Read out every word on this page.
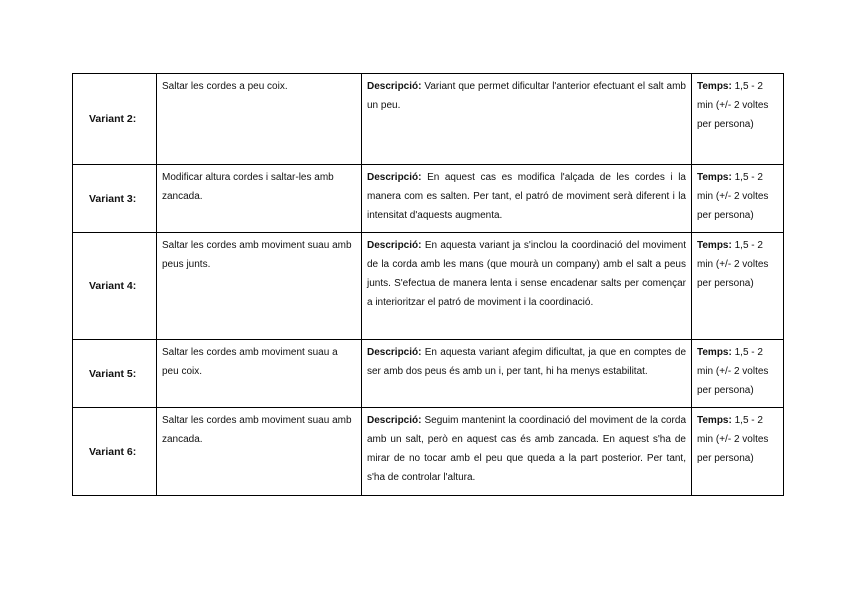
Variant 2:	Saltar les cordes a peu coix.	Descripció: Variant que permet dificultar l'anterior efectuant el salt amb un peu.	Temps: 1,5 - 2 min (+/- 2 voltes per persona)
Variant 3:	Modificar altura cordes i saltar-les amb zancada.	Descripció: En aquest cas es modifica l'alçada de les cordes i la manera com es salten. Per tant, el patró de moviment serà diferent i la intensitat d'aquests augmenta.	Temps: 1,5 - 2 min (+/- 2 voltes per persona)
Variant 4:	Saltar les cordes amb moviment suau amb peus junts.	Descripció: En aquesta variant ja s'inclou la coordinació del moviment de la corda amb les mans (que mourà un company) amb el salt a peus junts. S'efectua de manera lenta i sense encadenar salts per començar a interioritzar el patró de moviment i la coordinació.	Temps: 1,5 - 2 min (+/- 2 voltes per persona)
Variant 5:	Saltar les cordes amb moviment suau a peu coix.	Descripció: En aquesta variant afegim dificultat, ja que en comptes de ser amb dos peus és amb un i, per tant, hi ha menys estabilitat.	Temps: 1,5 - 2 min (+/- 2 voltes per persona)
Variant 6:	Saltar les cordes amb moviment suau amb zancada.	Descripció: Seguim mantenint la coordinació del moviment de la corda amb un salt, però en aquest cas és amb zancada. En aquest s'ha de mirar de no tocar amb el peu que queda a la part posterior. Per tant, s'ha de controlar l'altura.	Temps: 1,5 - 2 min (+/- 2 voltes per persona)
